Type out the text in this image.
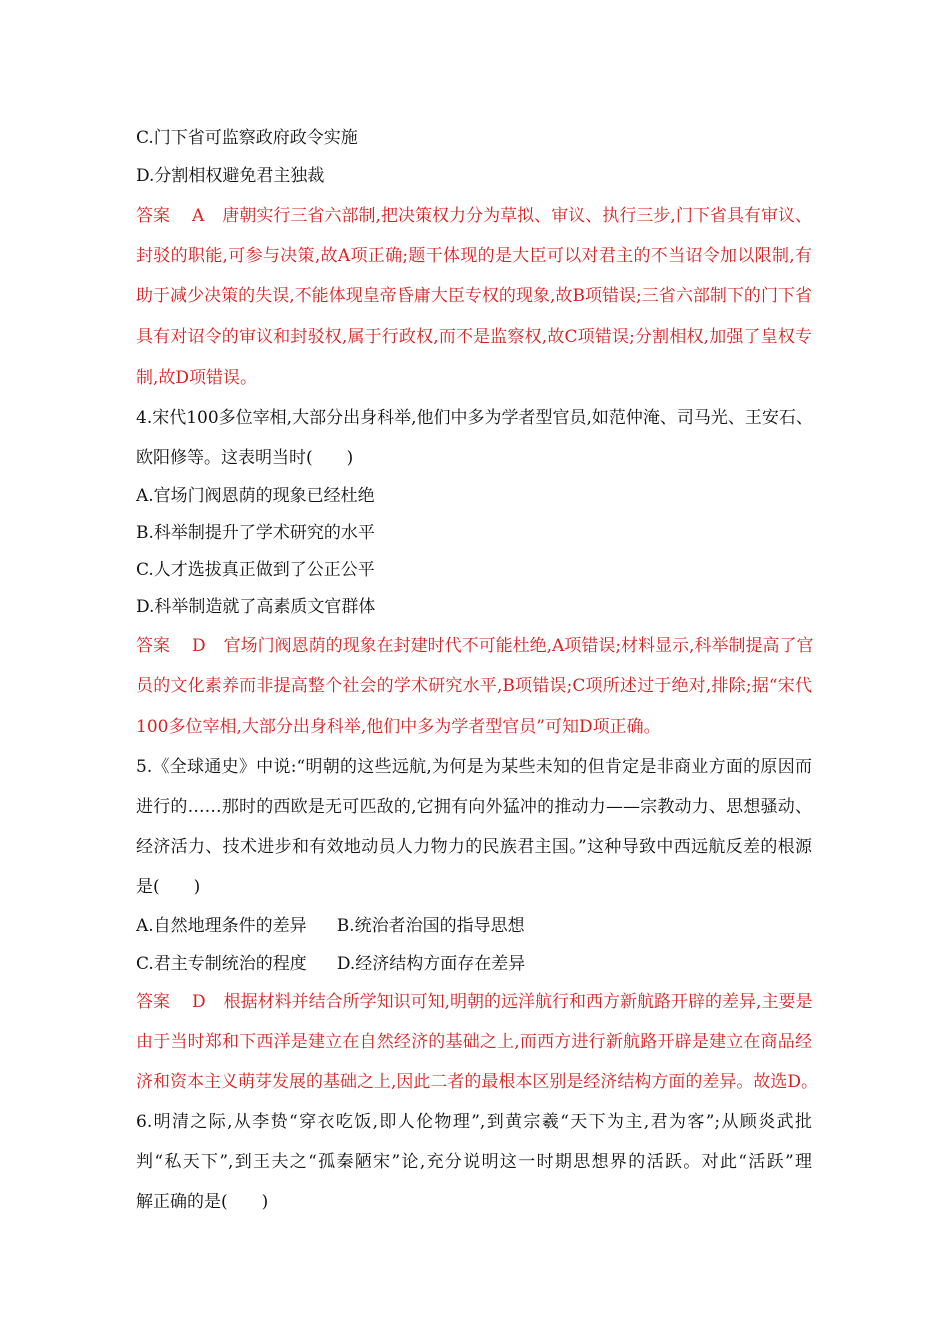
C.门下省可监察政府政令实施
D.分割相权避免君主独裁
答案 A 唐朝实行三省六部制,把决策权力分为草拟、审议、执行三步,门下省具有审议、
封驳的职能,可参与决策,故A项正确;题干体现的是大臣可以对君主的不当诏令加以限制,有
助于减少决策的失误,不能体现皇帝昏庸大臣专权的现象,故B项错误;三省六部制下的门下省
具有对诏令的审议和封驳权,属于行政权,而不是监察权,故C项错误;分割相权,加强了皇权专
制,故D项错误。
4.宋代100多位宰相,大部分出身科举,他们中多为学者型官员,如范仲淹、司马光、王安石、
欧阳修等。这表明当时(　　)
A.官场门阀恩荫的现象已经杜绝
B.科举制提升了学术研究的水平
C.人才选拔真正做到了公正公平
D.科举制造就了高素质文官群体
答案 D 官场门阀恩荫的现象在封建时代不可能杜绝,A项错误;材料显示,科举制提高了官
员的文化素养而非提高整个社会的学术研究水平,B项错误;C项所述过于绝对,排除;据“宋代
100多位宰相,大部分出身科举,他们中多为学者型官员”可知D项正确。
5.《全球通史》中说:“明朝的这些远航,为何是为某些未知的但肯定是非商业方面的原因而
进行的……那时的西欧是无可匹敌的,它拥有向外猛冲的推动力——宗教动力、思想骚动、
经济活力、技术进步和有效地动员人力物力的民族君主国。”这种导致中西远航反差的根源
是(　　)
A.自然地理条件的差异 B.统治者治国的指导思想
C.君主专制统治的程度 D.经济结构方面存在差异
答案 D 根据材料并结合所学知识可知,明朝的远洋航行和西方新航路开辟的差异,主要是
由于当时郑和下西洋是建立在自然经济的基础之上,而西方进行新航路开辟是建立在商品经
济和资本主义萌芽发展的基础之上,因此二者的最根本区别是经济结构方面的差异。故选D。
6.明清之际,从李贽“穿衣吃饭,即人伦物理”,到黄宗羲“天下为主,君为客”;从顾炎武批
判“私天下”,到王夫之“孤秦陋宋”论,充分说明这一时期思想界的活跃。对此“活跃”理
解正确的是(　　)
